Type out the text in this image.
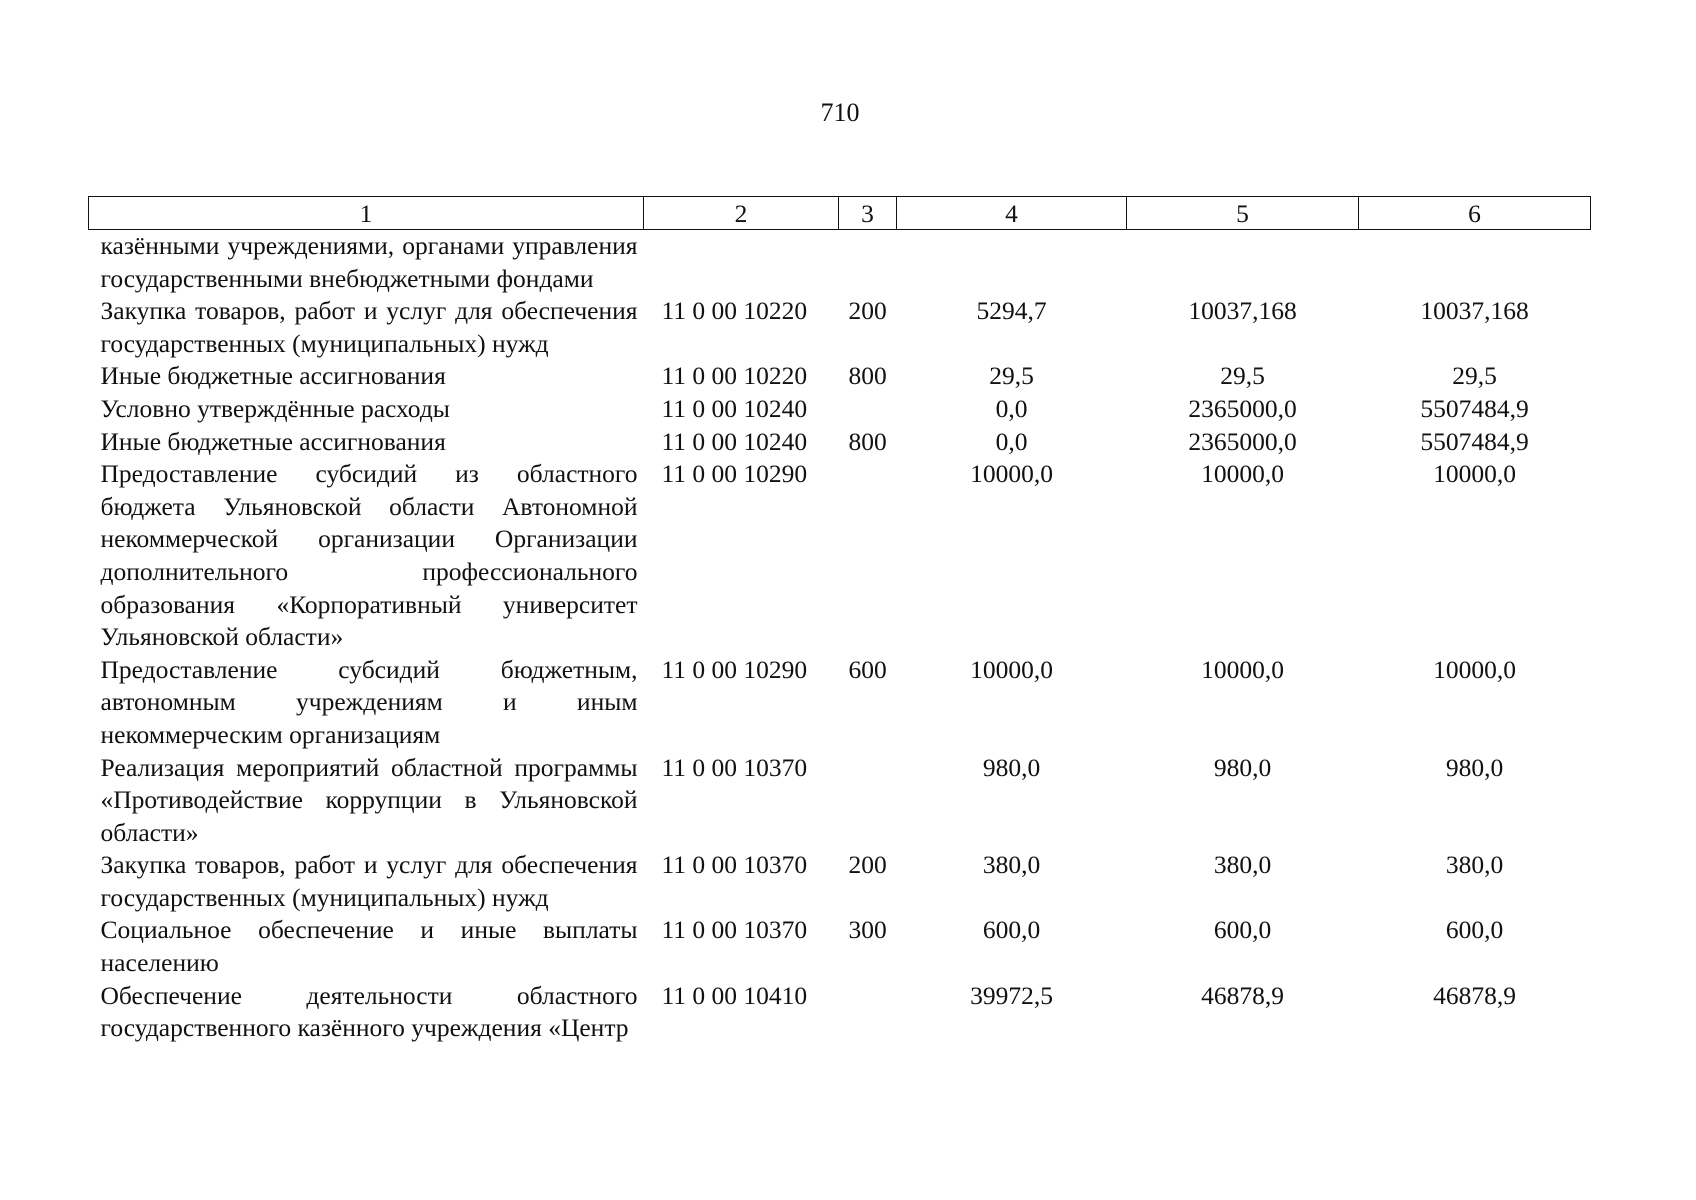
710
1	2	3	4	5	6
казёнными учреждениями, органами управления государственными внебюджетными фондами					
Закупка товаров, работ и услуг для обеспечения государственных (муниципальных) нужд	11 0 00 10220	200	5294,7	10037,168	10037,168
Иные бюджетные ассигнования	11 0 00 10220	800	29,5	29,5	29,5
Условно утверждённые расходы	11 0 00 10240		0,0	2365000,0	5507484,9
Иные бюджетные ассигнования	11 0 00 10240	800	0,0	2365000,0	5507484,9
Предоставление субсидий из областного бюджета Ульяновской области Автономной некоммерческой организации Организации дополнительного профессионального образования «Корпоративный университет Ульяновской области»	11 0 00 10290		10000,0	10000,0	10000,0
Предоставление субсидий бюджетным, автономным учреждениям и иным некоммерческим организациям	11 0 00 10290	600	10000,0	10000,0	10000,0
Реализация мероприятий областной программы «Противодействие коррупции в Ульяновской области»	11 0 00 10370		980,0	980,0	980,0
Закупка товаров, работ и услуг для обеспечения государственных (муниципальных) нужд	11 0 00 10370	200	380,0	380,0	380,0
Социальное обеспечение и иные выплаты населению	11 0 00 10370	300	600,0	600,0	600,0
Обеспечение деятельности областного государственного казённого учреждения «Центр	11 0 00 10410		39972,5	46878,9	46878,9
